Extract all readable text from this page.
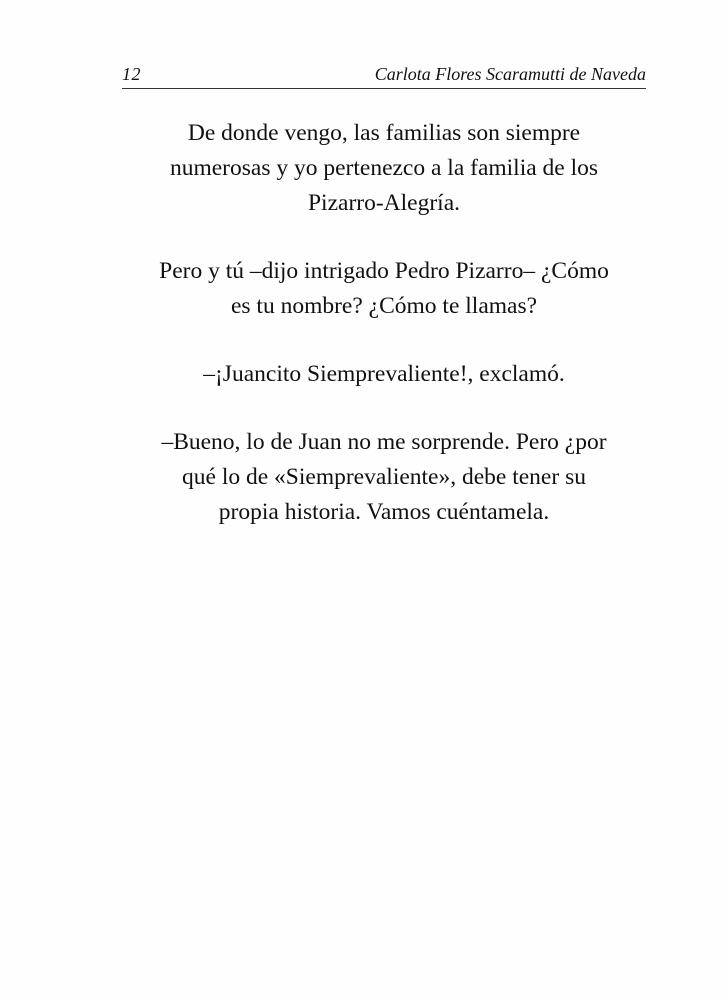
12	Carlota Flores Scaramutti de Naveda

De donde vengo, las familias son siempre
numerosas y yo pertenezco a la familia de los
Pizarro-Alegría.

Pero y tú –dijo intrigado Pedro Pizarro– ¿Cómo
es tu nombre? ¿Cómo te llamas?

–¡Juancito Siemprevaliente!, exclamó.

–Bueno, lo de Juan no me sorprende. Pero ¿por
qué lo de «Siemprevaliente», debe tener su
propia historia. Vamos cuéntamela.
